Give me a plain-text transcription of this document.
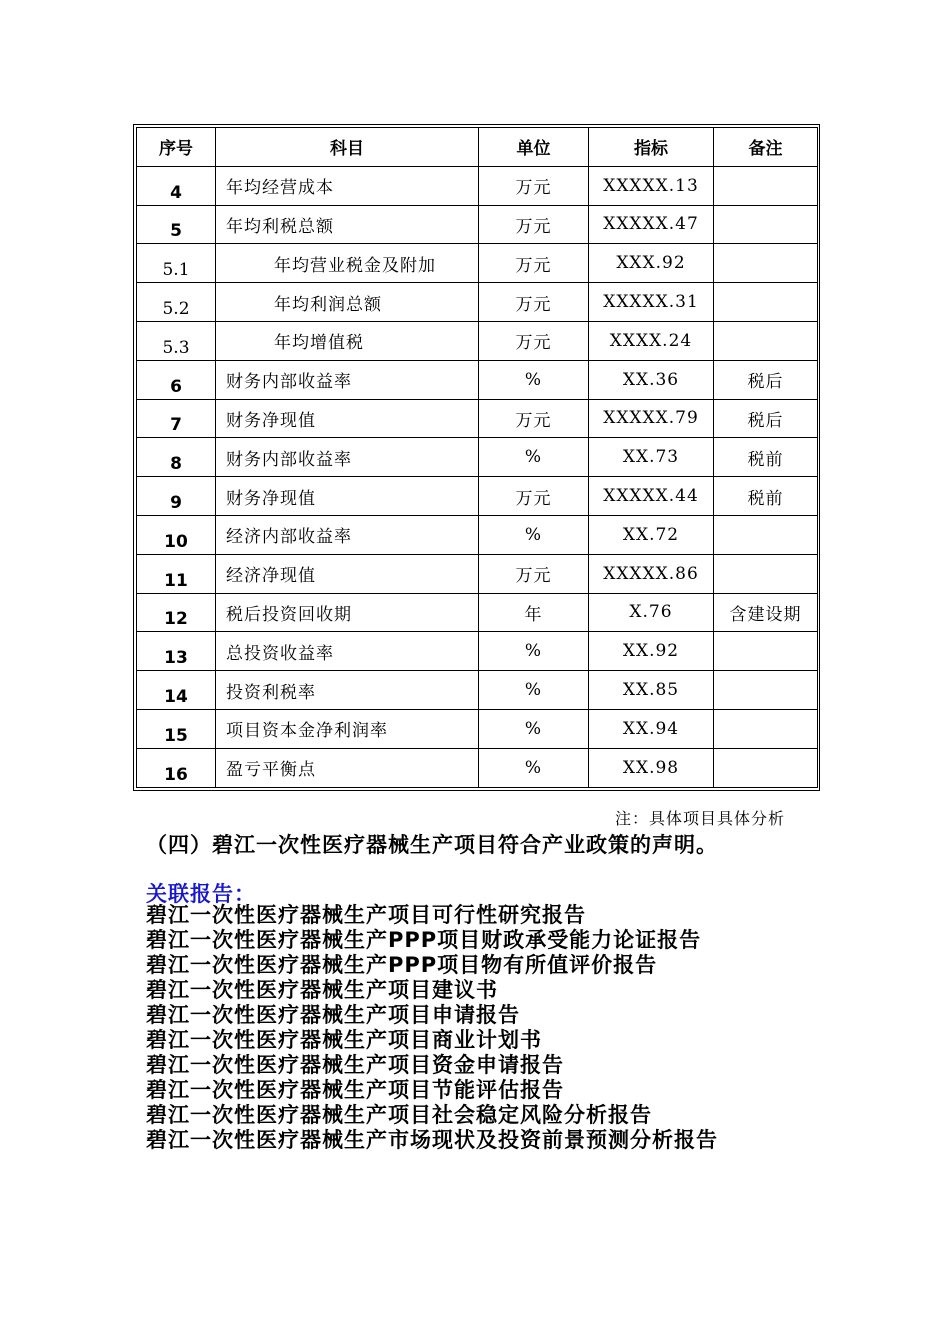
序号	科目	单位	指标	备注
4	年均经营成本	万元	XXXXX.13	
5	年均利税总额	万元	XXXXX.47	
5.1	年均营业税金及附加	万元	XXX.92	
5.2	年均利润总额	万元	XXXXX.31	
5.3	年均增值税	万元	XXXX.24	
6	财务内部收益率	%	XX.36	税后
7	财务净现值	万元	XXXXX.79	税后
8	财务内部收益率	%	XX.73	税前
9	财务净现值	万元	XXXXX.44	税前
10	经济内部收益率	%	XX.72	
11	经济净现值	万元	XXXXX.86	
12	税后投资回收期	年	X.76	含建设期
13	总投资收益率	%	XX.92	
14	投资利税率	%	XX.85	
15	项目资本金净利润率	%	XX.94	
16	盈亏平衡点	%	XX.98	
注：具体项目具体分析
（四）碧江一次性医疗器械生产项目符合产业政策的声明。
关联报告：
碧江一次性医疗器械生产项目可行性研究报告
碧江一次性医疗器械生产PPP项目财政承受能力论证报告
碧江一次性医疗器械生产PPP项目物有所值评价报告
碧江一次性医疗器械生产项目建议书
碧江一次性医疗器械生产项目申请报告
碧江一次性医疗器械生产项目商业计划书
碧江一次性医疗器械生产项目资金申请报告
碧江一次性医疗器械生产项目节能评估报告
碧江一次性医疗器械生产项目社会稳定风险分析报告
碧江一次性医疗器械生产市场现状及投资前景预测分析报告
